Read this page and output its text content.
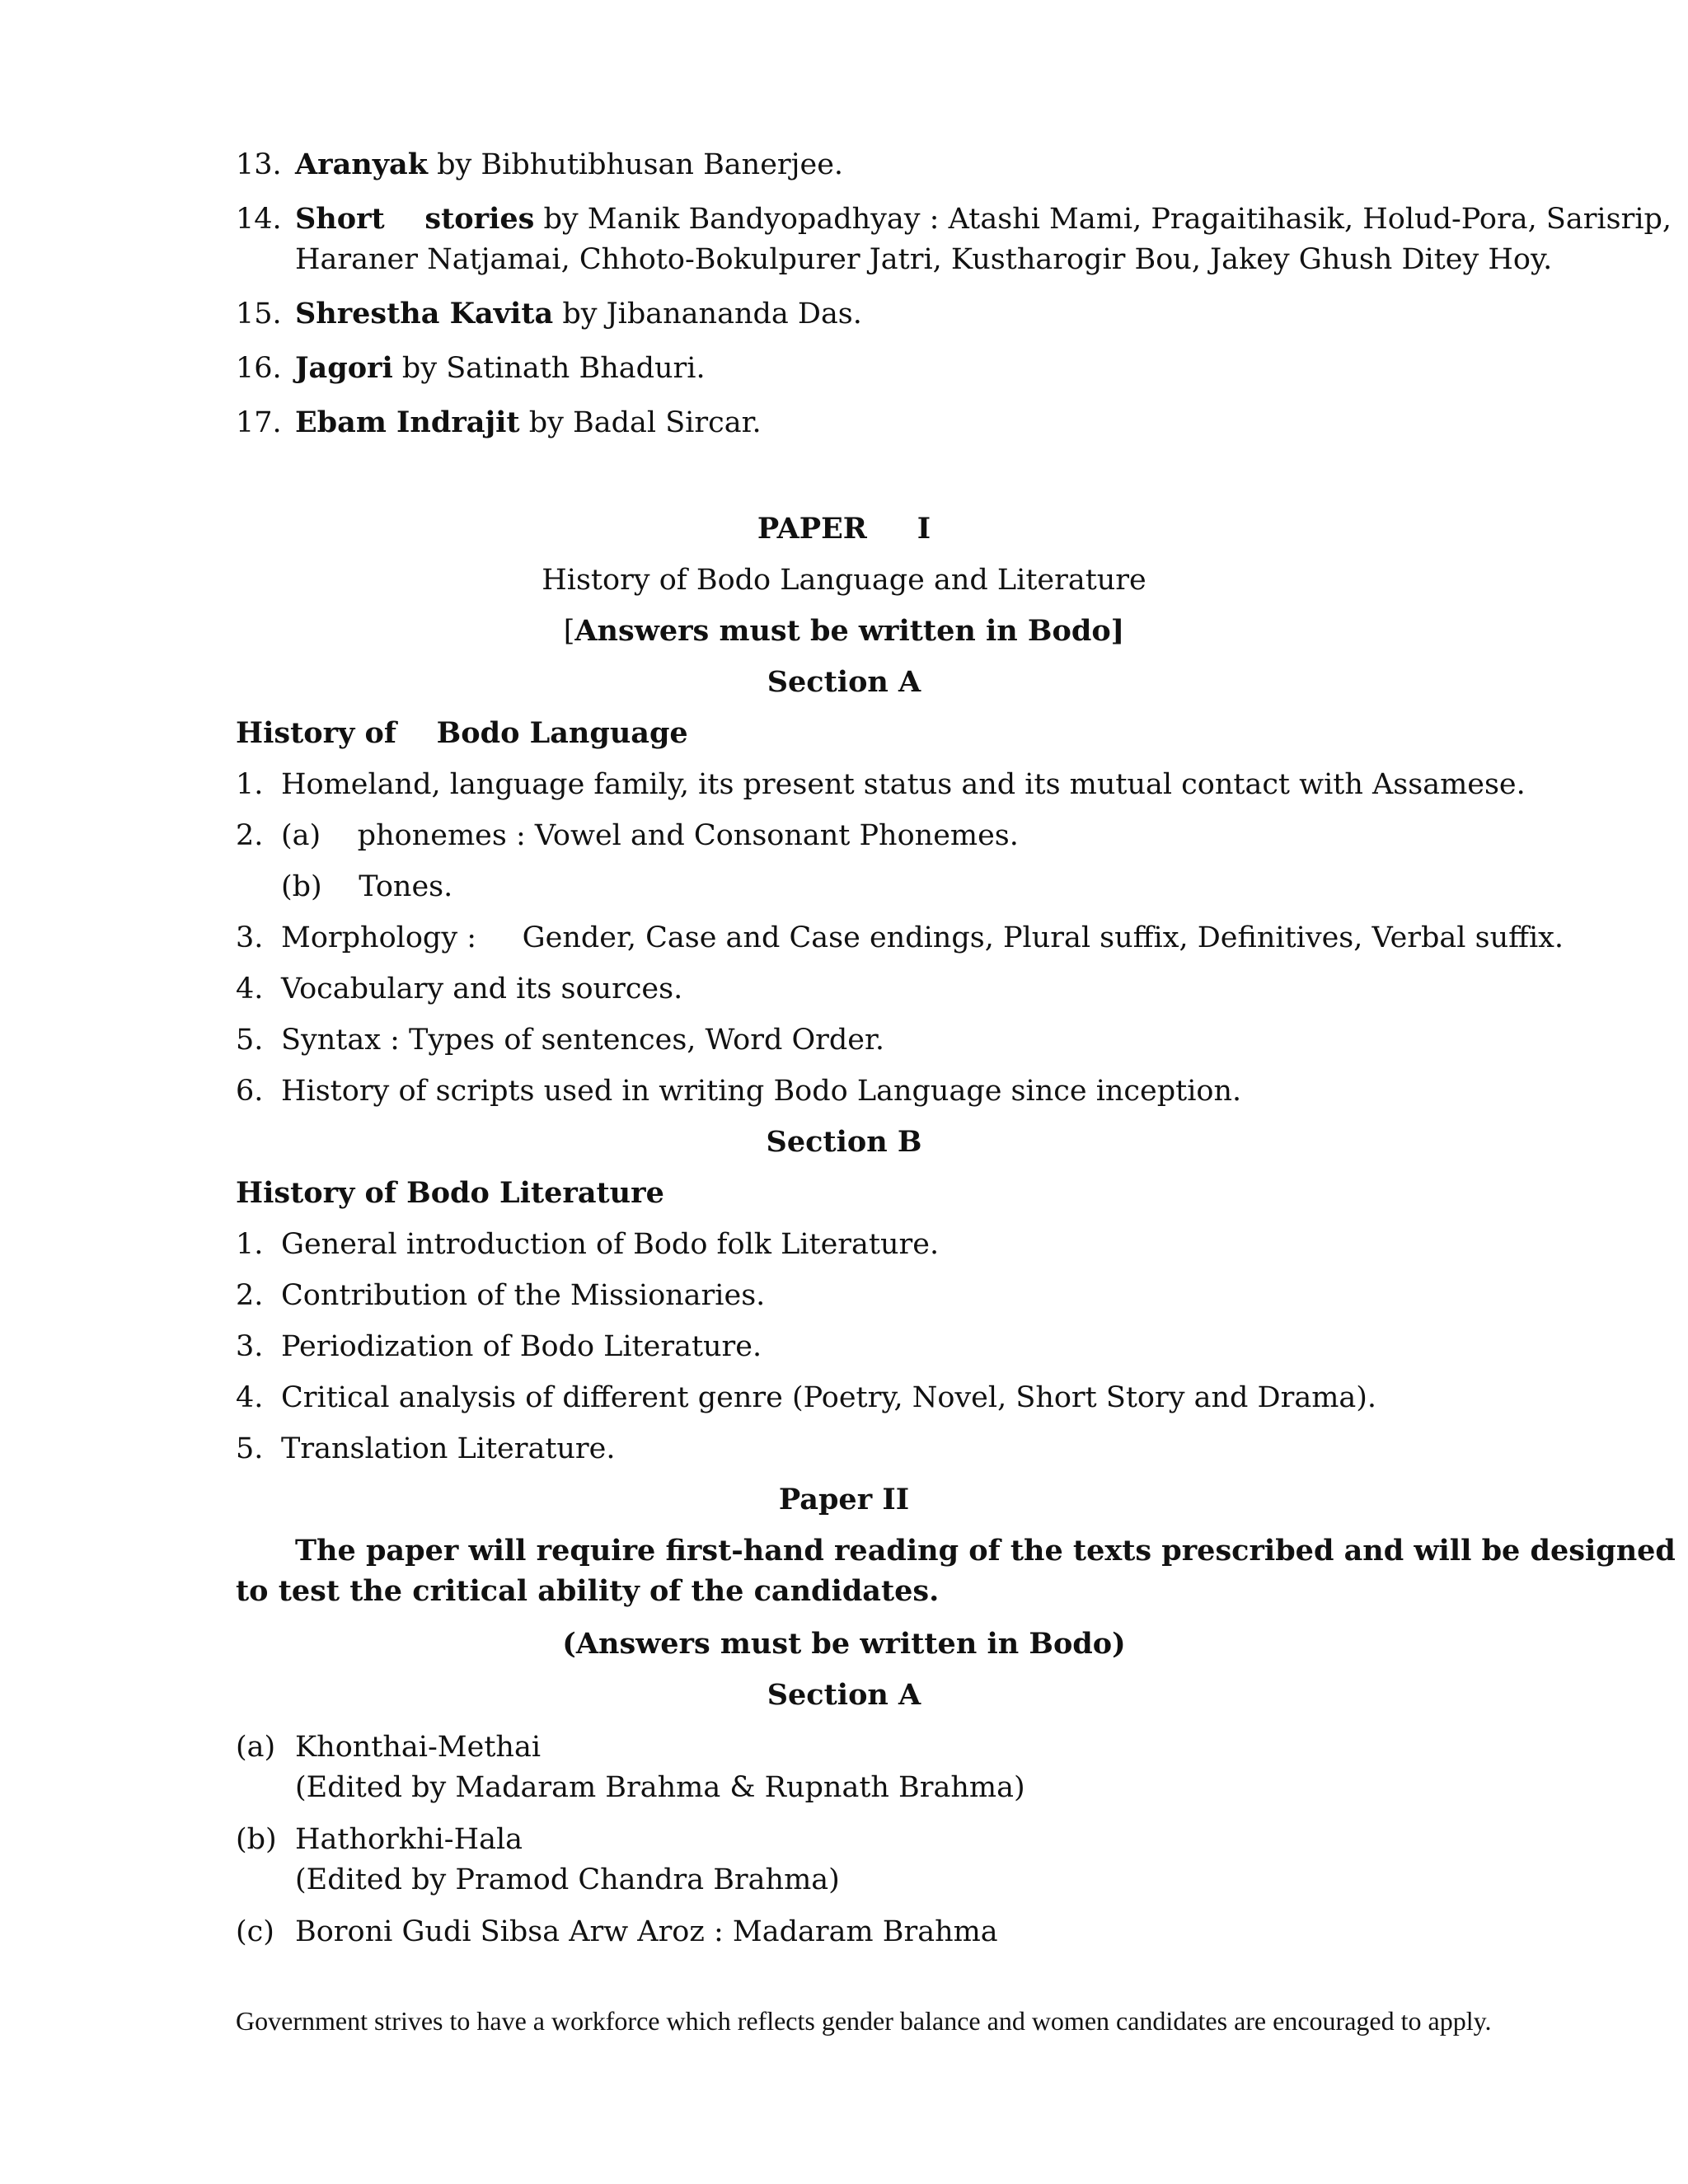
13. Aranyak by Bibhutibhusan Banerjee.
14. Short    stories by Manik Bandyopadhyay : Atashi Mami, Pragaitihasik, Holud-Pora, Sarisrip,
Haraner Natjamai, Chhoto-Bokulpurer Jatri, Kustharogir Bou, Jakey Ghush Ditey Hoy.
15. Shrestha Kavita by Jibanananda Das.
16. Jagori by Satinath Bhaduri.
17. Ebam Indrajit by Badal Sircar.
PAPER     I
History of Bodo Language and Literature
[Answers must be written in Bodo]
Section A
History of    Bodo Language
1. Homeland, language family, its present status and its mutual contact with Assamese.
2. (a)    phonemes : Vowel and Consonant Phonemes.
(b)    Tones.
3. Morphology :     Gender, Case and Case endings, Plural suffix, Definitives, Verbal suffix.
4. Vocabulary and its sources.
5. Syntax : Types of sentences, Word Order.
6. History of scripts used in writing Bodo Language since inception.
Section B
History of Bodo Literature
1. General introduction of Bodo folk Literature.
2. Contribution of the Missionaries.
3. Periodization of Bodo Literature.
4. Critical analysis of different genre (Poetry, Novel, Short Story and Drama).
5. Translation Literature.
Paper II
The paper will require first-hand reading of the texts prescribed and will be designed
to test the critical ability of the candidates.
(Answers must be written in Bodo)
Section A
(a) Khonthai-Methai
(Edited by Madaram Brahma & Rupnath Brahma)
(b) Hathorkhi-Hala
(Edited by Pramod Chandra Brahma)
(c) Boroni Gudi Sibsa Arw Aroz : Madaram Brahma
Government strives to have a workforce which reflects gender balance and women candidates are encouraged to apply.
